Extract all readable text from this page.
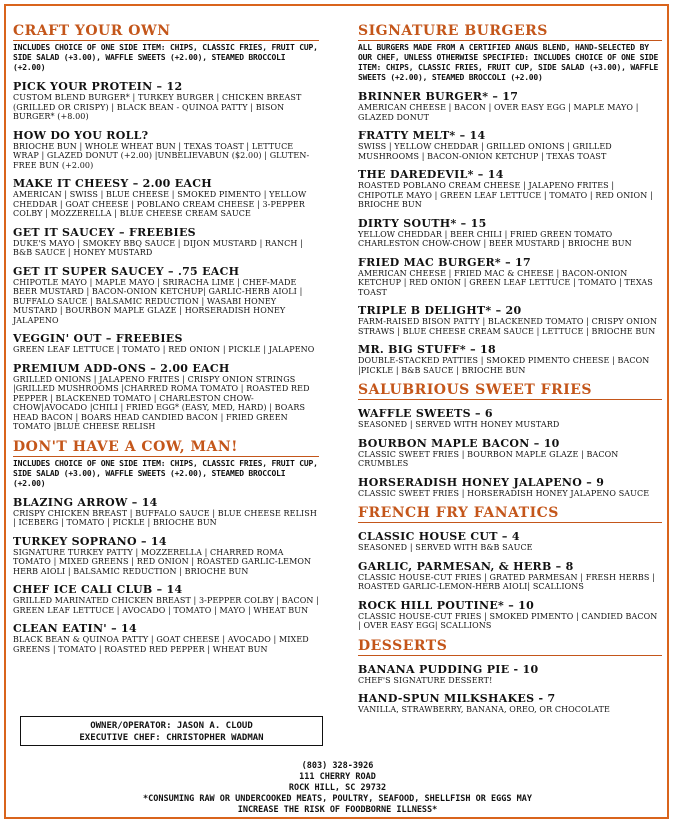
CRAFT YOUR OWN
INCLUDES CHOICE OF ONE SIDE ITEM: CHIPS, CLASSIC FRIES, FRUIT CUP, SIDE SALAD (+3.00), WAFFLE SWEETS (+2.00), STEAMED BROCCOLI (+2.00)
PICK YOUR PROTEIN – 12
CUSTOM BLEND BURGER* | TURKEY BURGER | CHICKEN BREAST (GRILLED OR CRISPY) | BLACK BEAN - QUINOA PATTY | BISON BURGER* (+8.00)
HOW DO YOU ROLL?
BRIOCHE BUN | WHOLE WHEAT BUN | TEXAS TOAST | LETTUCE WRAP | GLAZED DONUT (+2.00) |UNBELIEVABUN ($2.00) | GLUTEN-FREE BUN (+2.00)
MAKE IT CHEESY – 2.00 EACH
AMERICAN | SWISS | BLUE CHEESE | SMOKED PIMENTO | YELLOW CHEDDAR | GOAT CHEESE | POBLANO CREAM CHEESE | 3-PEPPER COLBY | MOZZERELLA | BLUE CHEESE CREAM SAUCE
GET IT SAUCEY – FREEBIES
DUKE'S MAYO | SMOKEY BBQ SAUCE | DIJON MUSTARD | RANCH | B&B SAUCE | HONEY MUSTARD
GET IT SUPER SAUCEY – .75 EACH
CHIPOTLE MAYO | MAPLE MAYO | SRIRACHA LIME | CHEF-MADE BEER MUSTARD | BACON-ONION KETCHUP| GARLIC-HERB AIOLI | BUFFALO SAUCE | BALSAMIC REDUCTION | WASABI HONEY MUSTARD | BOURBON MAPLE GLAZE | HORSERADISH HONEY JALAPENO
VEGGIN' OUT – FREEBIES
GREEN LEAF LETTUCE | TOMATO | RED ONION | PICKLE | JALAPENO
PREMIUM ADD-ONS – 2.00 EACH
GRILLED ONIONS | JALAPENO FRITES | CRISPY ONION STRINGS |GRILLED MUSHROOMS |CHARRED ROMA TOMATO | ROASTED RED PEPPER | BLACKENED TOMATO | CHARLESTON CHOW-CHOW|AVOCADO |CHILI | FRIED EGG* (EASY, MED, HARD) | BOARS HEAD BACON | BOARS HEAD CANDIED BACON | FRIED GREEN TOMATO |BLUE CHEESE RELISH
DON'T HAVE A COW, MAN!
INCLUDES CHOICE OF ONE SIDE ITEM: CHIPS, CLASSIC FRIES, FRUIT CUP, SIDE SALAD (+3.00), WAFFLE SWEETS (+2.00), STEAMED BROCCOLI (+2.00)
BLAZING ARROW – 14
CRISPY CHICKEN BREAST | BUFFALO SAUCE | BLUE CHEESE RELISH | ICEBERG | TOMATO | PICKLE | BRIOCHE BUN
TURKEY SOPRANO – 14
SIGNATURE TURKEY PATTY | MOZZERELLA | CHARRED ROMA TOMATO | MIXED GREENS | RED ONION | ROASTED GARLIC-LEMON HERB AIOLI | BALSAMIC REDUCTION | BRIOCHE BUN
CHEF ICE CALI CLUB – 14
GRILLED MARINATED CHICKEN BREAST | 3-PEPPER COLBY | BACON | GREEN LEAF LETTUCE | AVOCADO | TOMATO | MAYO | WHEAT BUN
CLEAN EATIN' – 14
BLACK BEAN & QUINOA PATTY | GOAT CHEESE | AVOCADO | MIXED GREENS | TOMATO | ROASTED RED PEPPER | WHEAT BUN
SIGNATURE BURGERS
ALL BURGERS MADE FROM A CERTIFIED ANGUS BLEND, HAND-SELECTED BY OUR CHEF, UNLESS OTHERWISE SPECIFIED: INCLUDES CHOICE OF ONE SIDE ITEM: CHIPS, CLASSIC FRIES, FRUIT CUP, SIDE SALAD (+3.00), WAFFLE SWEETS (+2.00), STEAMED BROCCOLI (+2.00)
BRINNER BURGER* – 17
AMERICAN CHEESE | BACON | OVER EASY EGG | MAPLE MAYO | GLAZED DONUT
FRATTY MELT* – 14
SWISS | YELLOW CHEDDAR | GRILLED ONIONS | GRILLED MUSHROOMS | BACON-ONION KETCHUP | TEXAS TOAST
THE DAREDEVIL* – 14
ROASTED POBLANO CREAM CHEESE | JALAPENO FRITES | CHIPOTLE MAYO | GREEN LEAF LETTUCE | TOMATO | RED ONION | BRIOCHE BUN
DIRTY SOUTH* – 15
YELLOW CHEDDAR | BEER CHILI | FRIED GREEN TOMATO CHARLESTON CHOW-CHOW | BEER MUSTARD | BRIOCHE BUN
FRIED MAC BURGER* – 17
AMERICAN CHEESE | FRIED MAC & CHEESE | BACON-ONION KETCHUP | RED ONION | GREEN LEAF LETTUCE | TOMATO | TEXAS TOAST
TRIPLE B DELIGHT* – 20
FARM-RAISED BISON PATTY | BLACKENED TOMATO | CRISPY ONION STRAWS | BLUE CHEESE CREAM SAUCE | LETTUCE | BRIOCHE BUN
MR. BIG STUFF* – 18
DOUBLE-STACKED PATTIES | SMOKED PIMENTO CHEESE | BACON |PICKLE | B&B SAUCE | BRIOCHE BUN
SALUBRIOUS SWEET FRIES
WAFFLE SWEETS – 6
SEASONED | SERVED WITH HONEY MUSTARD
BOURBON MAPLE BACON – 10
CLASSIC SWEET FRIES | BOURBON MAPLE GLAZE | BACON CRUMBLES
HORSERADISH HONEY JALAPENO – 9
CLASSIC SWEET FRIES | HORSERADISH HONEY JALAPENO SAUCE
FRENCH FRY FANATICS
CLASSIC HOUSE CUT – 4
SEASONED | SERVED WITH B&B SAUCE
GARLIC, PARMESAN, & HERB – 8
CLASSIC HOUSE-CUT FRIES | GRATED PARMESAN | FRESH HERBS | ROASTED GARLIC-LEMON-HERB AIOLI| SCALLIONS
ROCK HILL POUTINE* – 10
CLASSIC HOUSE-CUT FRIES | SMOKED PIMENTO | CANDIED BACON | OVER EASY EGG| SCALLIONS
DESSERTS
BANANA PUDDING PIE - 10
CHEF'S SIGNATURE DESSERT!
HAND-SPUN MILKSHAKES - 7
VANILLA, STRAWBERRY, BANANA, OREO, OR CHOCOLATE
OWNER/OPERATOR: JASON A. CLOUD
EXECUTIVE CHEF: CHRISTOPHER WADMAN
(803) 328-3926
111 CHERRY ROAD
ROCK HILL, SC 29732
*CONSUMING RAW OR UNDERCOOKED MEATS, POULTRY, SEAFOOD, SHELLFISH OR EGGS MAY
INCREASE THE RISK OF FOODBORNE ILLNESS*
